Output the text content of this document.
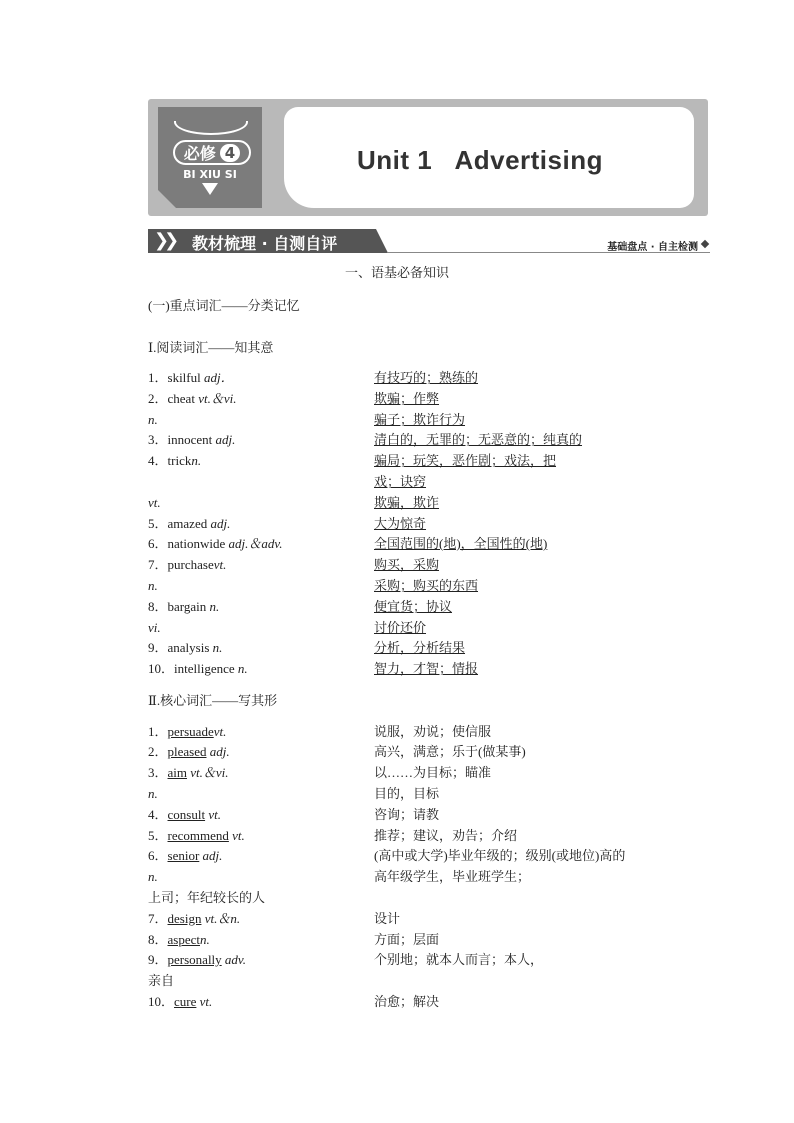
必修 4
BI XIU SI	Unit 1   Advertising
❯❯ 教材梳理 · 自测自评	基础盘点 · 自主检测
一、语基必备知识
(一)重点词汇——分类记忆
Ⅰ.阅读词汇——知其意
1．skilful adj．	有技巧的；熟练的
2．cheat vt.＆vi.	欺骗；作弊
n.	骗子；欺诈行为
3．innocent adj.	清白的，无罪的；无恶意的；纯真的
4．trickn.	骗局；玩笑，恶作剧；戏法，把
戏；诀窍
vt.	欺骗，欺诈
5．amazed adj.	大为惊奇
6．nationwide adj.＆adv.	全国范围的(地)，全国性的(地)
7．purchasevt.	购买，采购
n.	采购；购买的东西
8．bargain n.	便宜货；协议
vi.	讨价还价
9．analysis n.	分析，分析结果
10．intelligence n.	智力，才智；情报
Ⅱ.核心词汇——写其形
1．persuadevt.	说服，劝说；使信服
2．pleased adj.	高兴，满意；乐于(做某事)
3．aim vt.＆vi.	以……为目标；瞄准
n.	目的，目标
4．consult vt.	咨询；请教
5．recommend vt.	推荐；建议，劝告；介绍
6．senior adj.	(高中或大学)毕业年级的；级别(或地位)高的
n.	高年级学生，毕业班学生；
上司；年纪较长的人
7．design vt.＆n.	设计
8．aspectn.	方面；层面
9．personally adv.	个别地；就本人而言；本人，
亲自
10．cure vt.	治愈；解决
